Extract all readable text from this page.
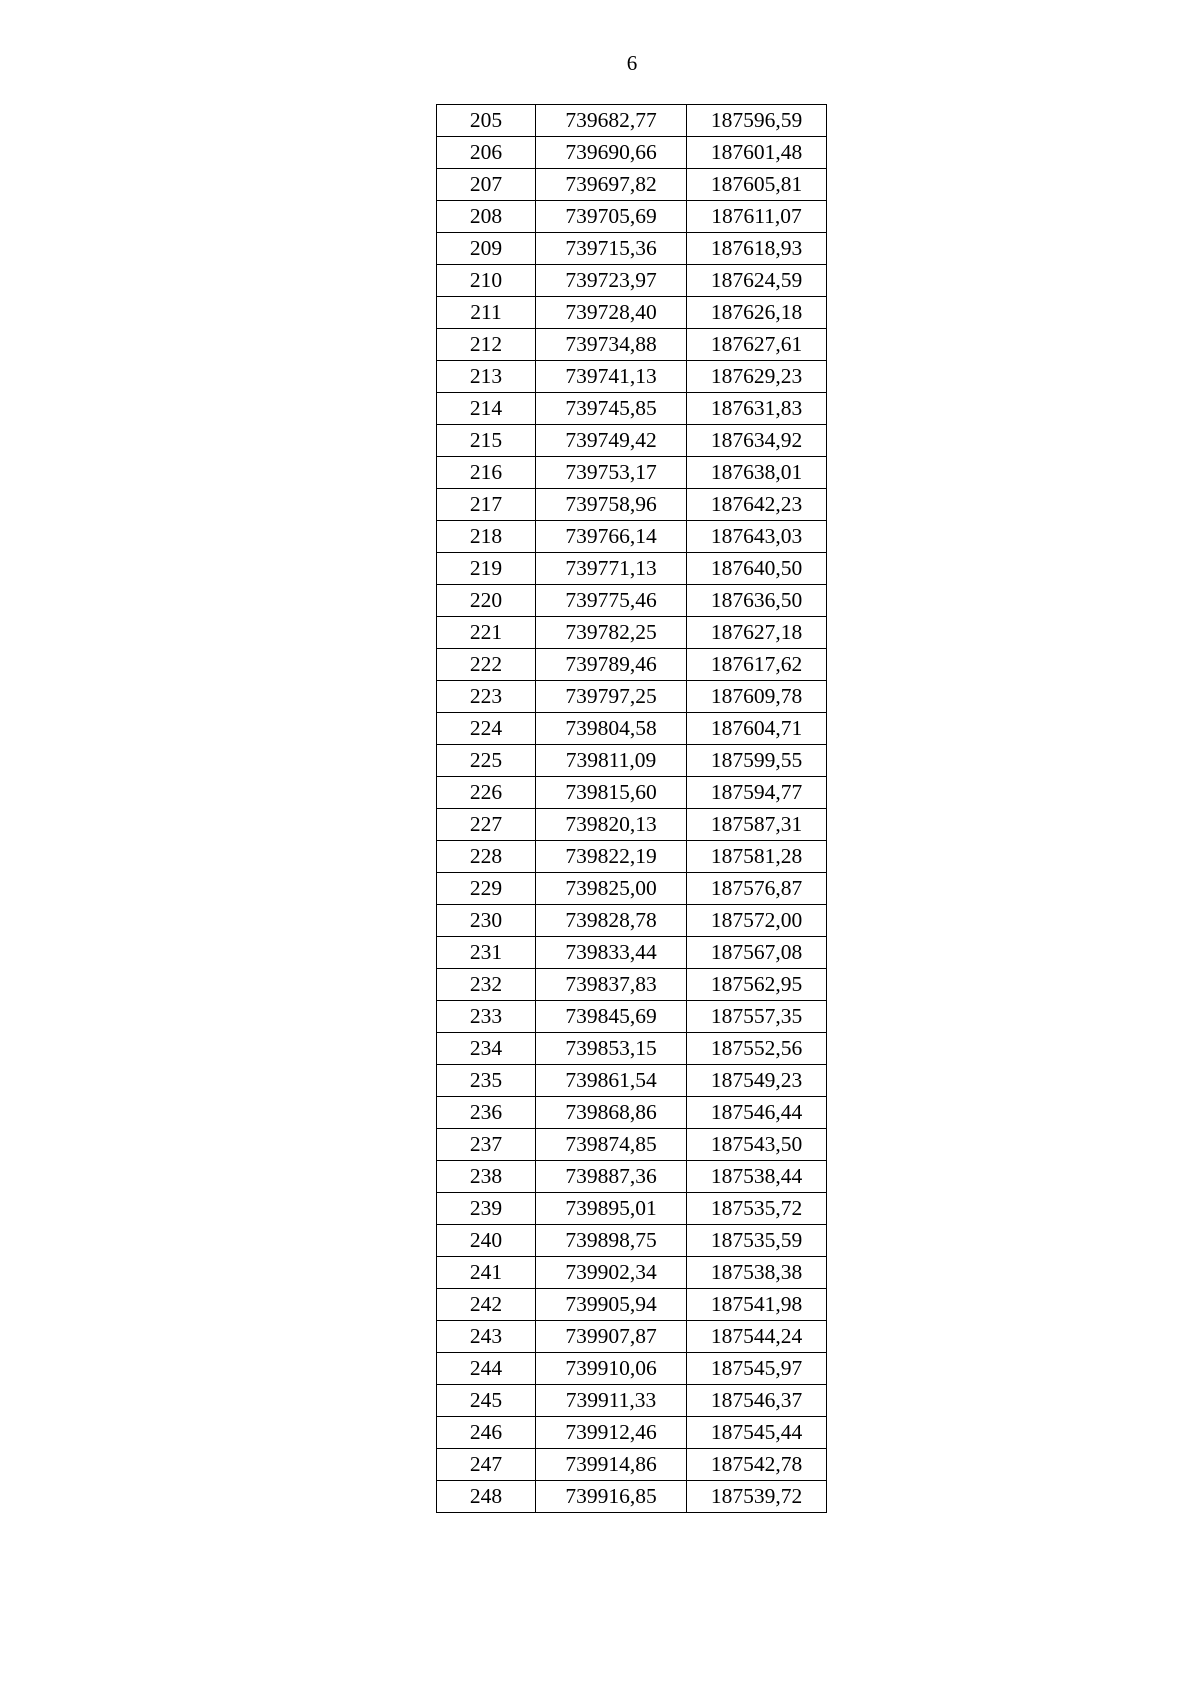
6
205	739682,77	187596,59
206	739690,66	187601,48
207	739697,82	187605,81
208	739705,69	187611,07
209	739715,36	187618,93
210	739723,97	187624,59
211	739728,40	187626,18
212	739734,88	187627,61
213	739741,13	187629,23
214	739745,85	187631,83
215	739749,42	187634,92
216	739753,17	187638,01
217	739758,96	187642,23
218	739766,14	187643,03
219	739771,13	187640,50
220	739775,46	187636,50
221	739782,25	187627,18
222	739789,46	187617,62
223	739797,25	187609,78
224	739804,58	187604,71
225	739811,09	187599,55
226	739815,60	187594,77
227	739820,13	187587,31
228	739822,19	187581,28
229	739825,00	187576,87
230	739828,78	187572,00
231	739833,44	187567,08
232	739837,83	187562,95
233	739845,69	187557,35
234	739853,15	187552,56
235	739861,54	187549,23
236	739868,86	187546,44
237	739874,85	187543,50
238	739887,36	187538,44
239	739895,01	187535,72
240	739898,75	187535,59
241	739902,34	187538,38
242	739905,94	187541,98
243	739907,87	187544,24
244	739910,06	187545,97
245	739911,33	187546,37
246	739912,46	187545,44
247	739914,86	187542,78
248	739916,85	187539,72
